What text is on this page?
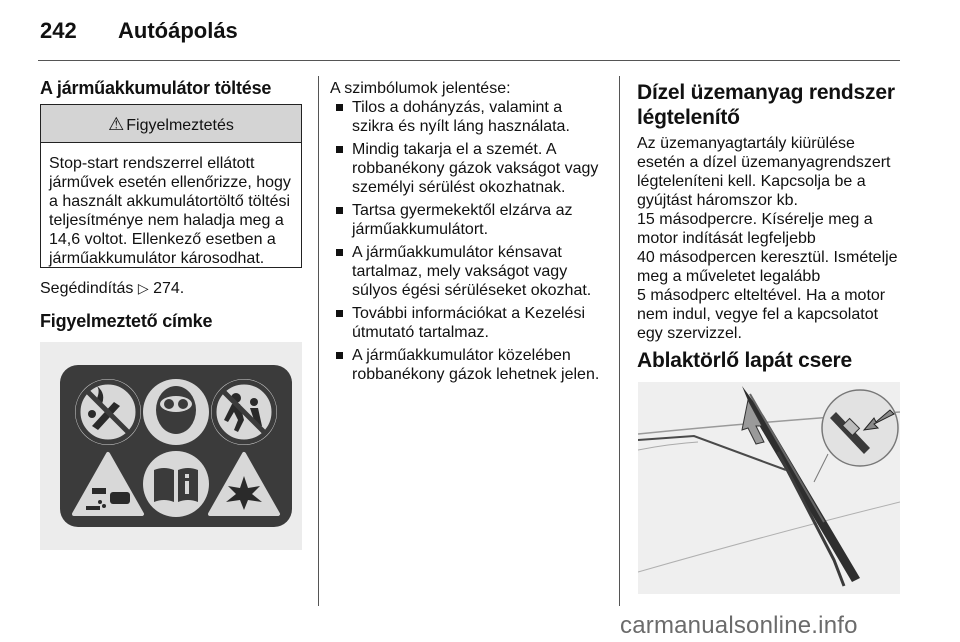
242 Autóápolás
A járműakkumulátor töltése
⚠ Figyelmeztetés
Stop-start rendszerrel ellátott
járművek esetén ellenőrizze, hogy
a használt akkumulátortöltő töltési
teljesítménye nem haladja meg a
14,6 voltot. Ellenkező esetben a
járműakkumulátor károsodhat.
Segédindítás ▷ 274.
Figyelmeztető címke
A szimbólumok jelentése:
Tilos a dohányzás, valamint a
szikra és nyílt láng használata.
Mindig takarja el a szemét. A
robbanékony gázok vakságot vagy
személyi sérülést okozhatnak.
Tartsa gyermekektől elzárva az
járműakkumulátort.
A járműakkumulátor kénsavat
tartalmaz, mely vakságot vagy
súlyos égési sérüléseket okozhat.
További információkat a Kezelési
útmutató tartalmaz.
A járműakkumulátor közelében
robbanékony gázok lehetnek jelen.
Dízel üzemanyag rendszer
légtelenítő
Az üzemanyagtartály kiürülése
esetén a dízel üzemanyagrendszert
légteleníteni kell. Kapcsolja be a
gyújtást háromszor kb.
15 másodpercre. Kísérelje meg a
motor indítását legfeljebb
40 másodpercen keresztül. Ismételje
meg a műveletet legalább
5 másodperc elteltével. Ha a motor
nem indul, vegye fel a kapcsolatot
egy szervizzel.
Ablaktörlő lapát csere
carmanualsonline.info
